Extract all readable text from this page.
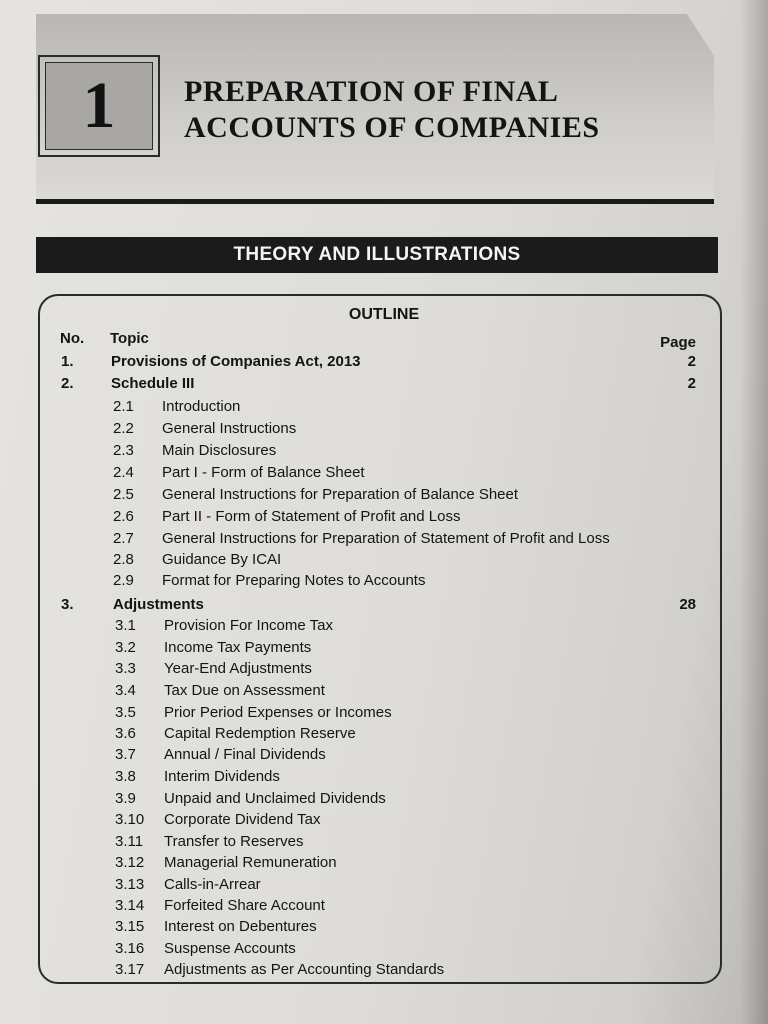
1	PREPARATION OF FINAL
ACCOUNTS OF COMPANIES
THEORY AND ILLUSTRATIONS
OUTLINE
No. Topic	Page
1. Provisions of Companies Act, 2013	2
2. Schedule III	2
2.1 Introduction
2.2 General Instructions
2.3 Main Disclosures
2.4 Part I - Form of Balance Sheet
2.5 General Instructions for Preparation of Balance Sheet
2.6 Part II - Form of Statement of Profit and Loss
2.7 General Instructions for Preparation of Statement of Profit and Loss
2.8 Guidance By ICAI
2.9 Format for Preparing Notes to Accounts
3.	Adjustments	28
3.1 Provision For Income Tax
3.2 Income Tax Payments
3.3 Year-End Adjustments
3.4 Tax Due on Assessment
3.5 Prior Period Expenses or Incomes
3.6 Capital Redemption Reserve
3.7 Annual / Final Dividends
3.8 Interim Dividends
3.9 Unpaid and Unclaimed Dividends
3.10 Corporate Dividend Tax
3.11 Transfer to Reserves
3.12 Managerial Remuneration
3.13 Calls-in-Arrear
3.14 Forfeited Share Account
3.15 Interest on Debentures
3.16 Suspense Accounts
3.17 Adjustments as Per Accounting Standards
